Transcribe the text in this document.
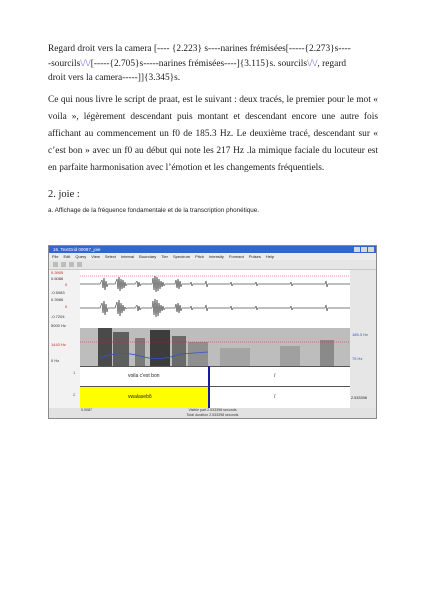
Regard droit vers la camera [---- {2.223} s----narines frémisées[-----{2.273}s----
-sourcils\/\/[-----{2.705}s-----narines frémisées----]{3.115}s. sourcils\/\/, regard
droit vers la camera-----]]{3.345}s.

Ce qui nous livre le script de praat, est le suivant : deux tracés, le premier pour le mot « voila », légèrement descendant puis montant et descendant encore une autre fois affichant au commencement un f0 de 185.3 Hz. Le deuxième tracé, descendant sur « c’est bon » avec un f0 au début qui note les 217 Hz .la mimique faciale du locuteur est en parfaite harmonisation avec l’émotion et les changements fréquentiels.

2. joie :
a. Affichage de la fréquence fondamentale et de la transcription phonétique.
16. TextGrid 00087_joie
File Edit Query View Select Interval Boundary Tier Spectrum Pitch Intensity Formant Pulses Help
0.3905
0.6086
0
-0.5083
0.3986
0
-0.7204
5000 Hz
1443 Hz
0 Hz
1
2
voila c'est bon	/
vwalasebõ	/
185.3 Hz
75 Hz
2.533398
0.0087	Visible part 2.533398 seconds
Total duration 2.533398 seconds
